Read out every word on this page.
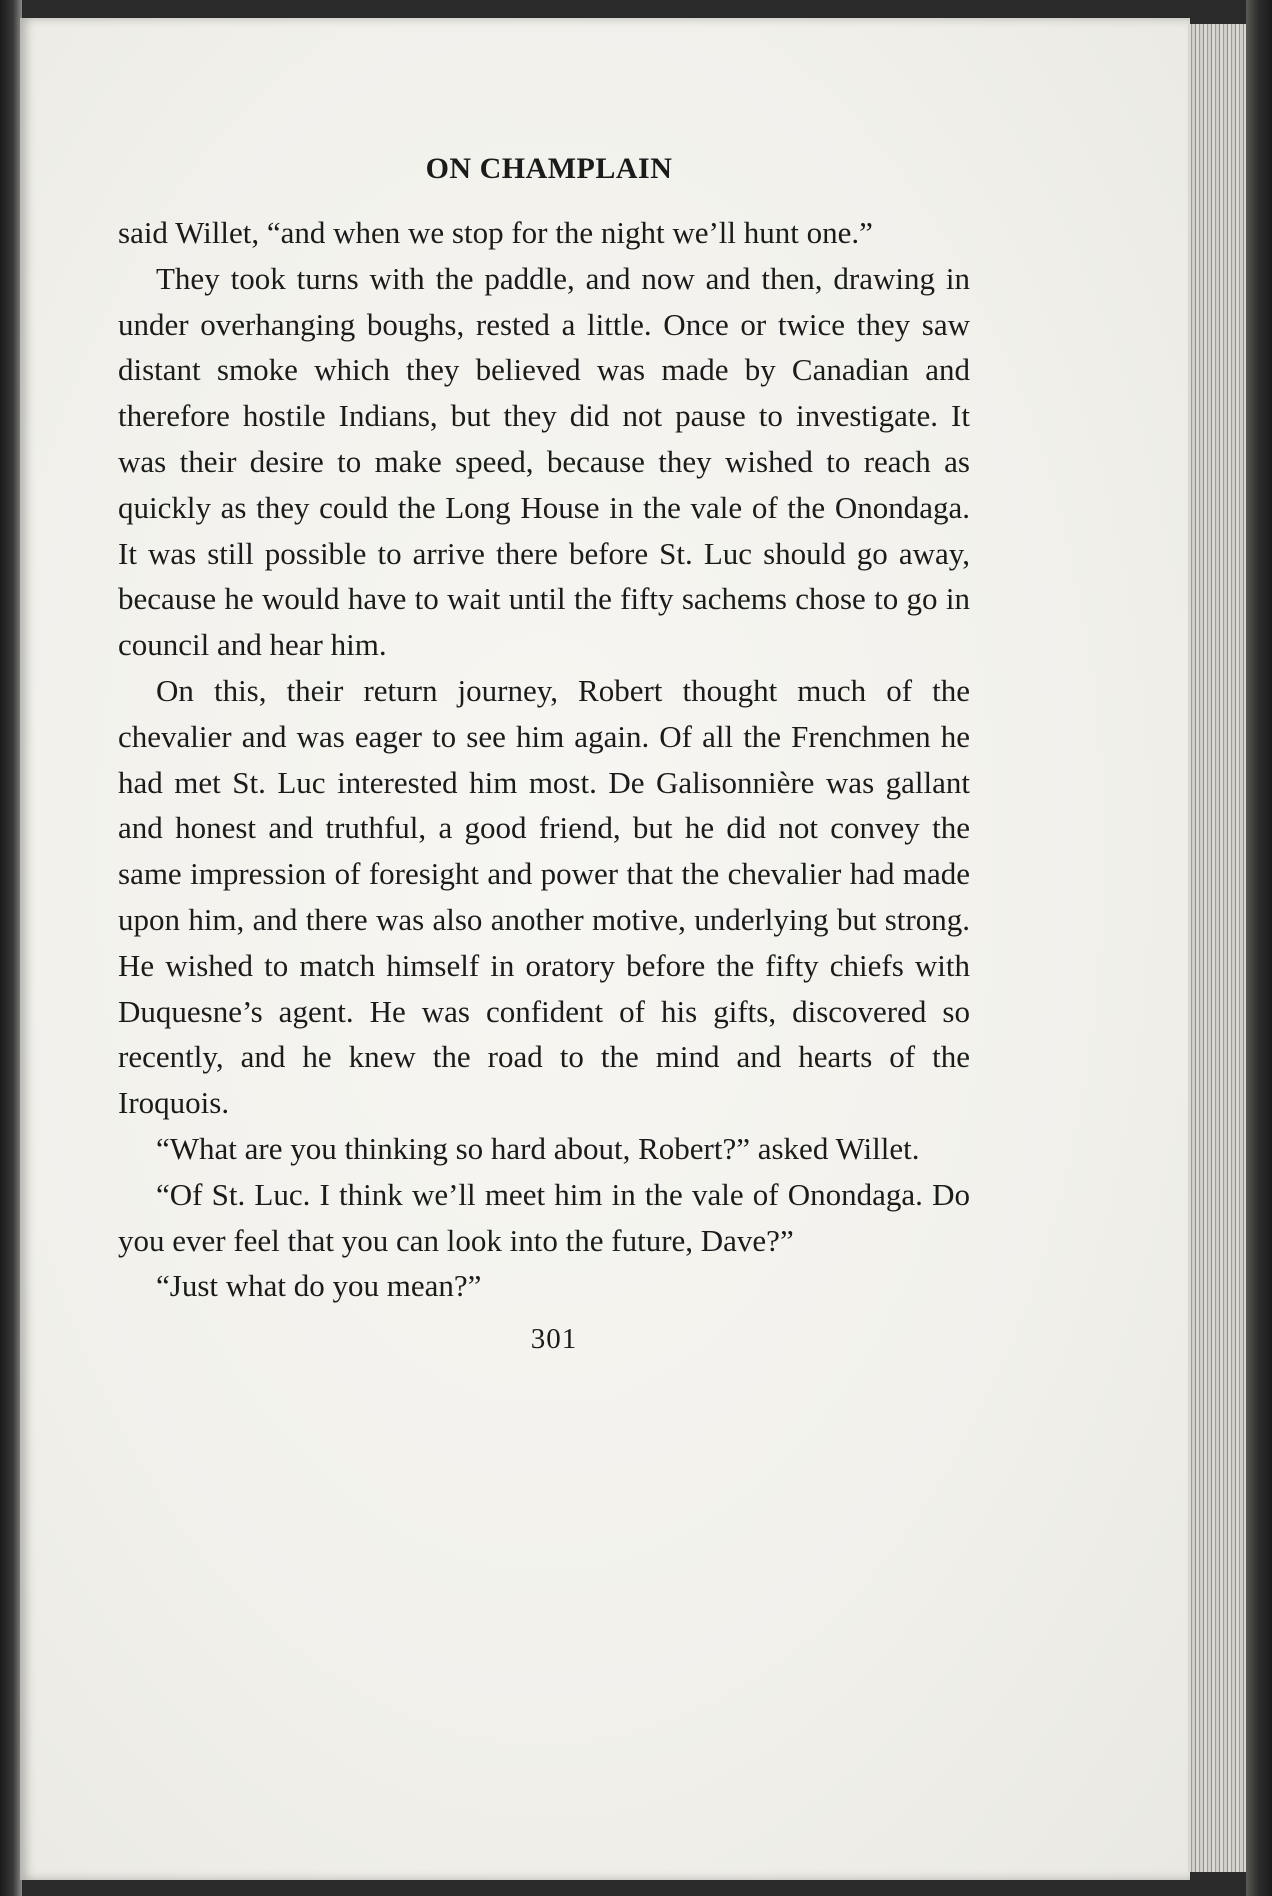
ON CHAMPLAIN

said Willet, “and when we stop for the night we’ll hunt one.”

They took turns with the paddle, and now and then, drawing in under overhanging boughs, rested a little. Once or twice they saw distant smoke which they believed was made by Canadian and therefore hostile Indians, but they did not pause to investigate. It was their desire to make speed, because they wished to reach as quickly as they could the Long House in the vale of the Onondaga. It was still possible to arrive there before St. Luc should go away, because he would have to wait until the fifty sachems chose to go in council and hear him.

On this, their return journey, Robert thought much of the chevalier and was eager to see him again. Of all the Frenchmen he had met St. Luc interested him most. De Galisonnière was gallant and honest and truthful, a good friend, but he did not convey the same impression of foresight and power that the chevalier had made upon him, and there was also another motive, underlying but strong. He wished to match himself in oratory before the fifty chiefs with Duquesne’s agent. He was confident of his gifts, discovered so recently, and he knew the road to the mind and hearts of the Iroquois.

“What are you thinking so hard about, Robert?” asked Willet.

“Of St. Luc. I think we’ll meet him in the vale of Onondaga. Do you ever feel that you can look into the future, Dave?”

“Just what do you mean?”

301
